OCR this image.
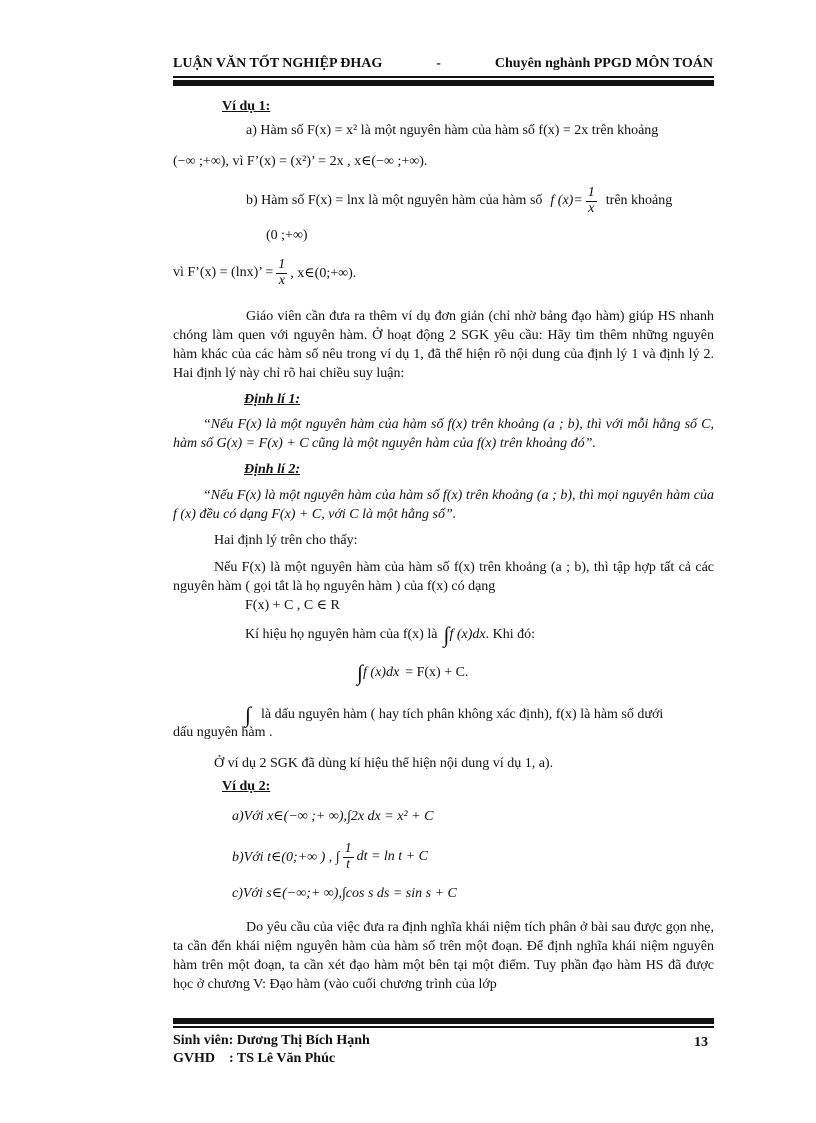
LUẬN VĂN TỐT NGHIỆP ĐHAG	-	Chuyên nghành PPGD MÔN TOÁN
Ví dụ 1:
a) Hàm số F(x) = x² là một nguyên hàm của hàm số f(x) = 2x trên khoảng
(−∞ ;+∞), vì F’(x) = (x²)’ = 2x , x∈(−∞ ;+∞).
b) Hàm số F(x) = lnx là một nguyên hàm của hàm số f $(x)= \frac{1}{x}$ trên khoảng
(0 ;+∞)
vì F’(x) = (lnx)’ = $\frac{1}{x}$ , x∈(0;+∞).
Giáo viên cần đưa ra thêm ví dụ đơn giản (chỉ nhờ bảng đạo hàm) giúp HS nhanh chóng làm quen với nguyên hàm. Ở hoạt động 2 SGK yêu cầu: Hãy tìm thêm những nguyên hàm khác của các hàm số nêu trong ví dụ 1, đã thể hiện rõ nội dung của định lý 1 và định lý 2. Hai định lý này chỉ rõ hai chiều suy luận:
Định lí 1:
“Nếu F(x) là một nguyên hàm của hàm số f(x) trên khoảng (a ; b), thì với mỗi hằng số C, hàm số G(x) = F(x) + C cũng là một nguyên hàm của f(x) trên khoảng đó”.
Định lí 2:
“Nếu F(x) là một nguyên hàm của hàm số f(x) trên khoảng (a ; b), thì mọi nguyên hàm của f (x) đều có dạng F(x) + C, với C là một hằng số”.
Hai định lý trên cho thấy:
Nếu F(x) là một nguyên hàm của hàm số f(x) trên khoảng (a ; b), thì tập hợp tất cả các nguyên hàm ( gọi tắt là họ nguyên hàm ) của f(x) có dạng
F(x) + C , C ∈ R
Kí hiệu họ nguyên hàm của f(x) là ∫ f (x)dx . Khi đó:
∫ f (x)dx = F(x) + C.
∫ là dấu nguyên hàm ( hay tích phân không xác định), f(x) là hàm số dưới
dấu nguyên hàm .
Ở ví dụ 2 SGK đã dùng kí hiệu thể hiện nội dung ví dụ 1, a).
Ví dụ 2:
a)Với x∈(−∞ ;+ ∞),∫2x dx = x² + C
b)Với t∈(0;+∞ ) , ∫ $\frac{1}{t}$ dt = ln t + C
c)Với s∈(−∞;+ ∞),∫cos s ds = sin s + C
Do yêu cầu của việc đưa ra định nghĩa khái niệm tích phân ở bài sau được gọn nhẹ, ta cần đến khái niệm nguyên hàm của hàm số trên một đoạn. Để định nghĩa khái niệm nguyên hàm trên một đoạn, ta cần xét đạo hàm một bên tại một điểm. Tuy phần đạo hàm HS đã được học ở chương V: Đạo hàm (vào cuối chương trình của lớp
Sinh viên: Dương Thị Bích Hạnh
GVHD    : TS Lê Văn Phúc
13
